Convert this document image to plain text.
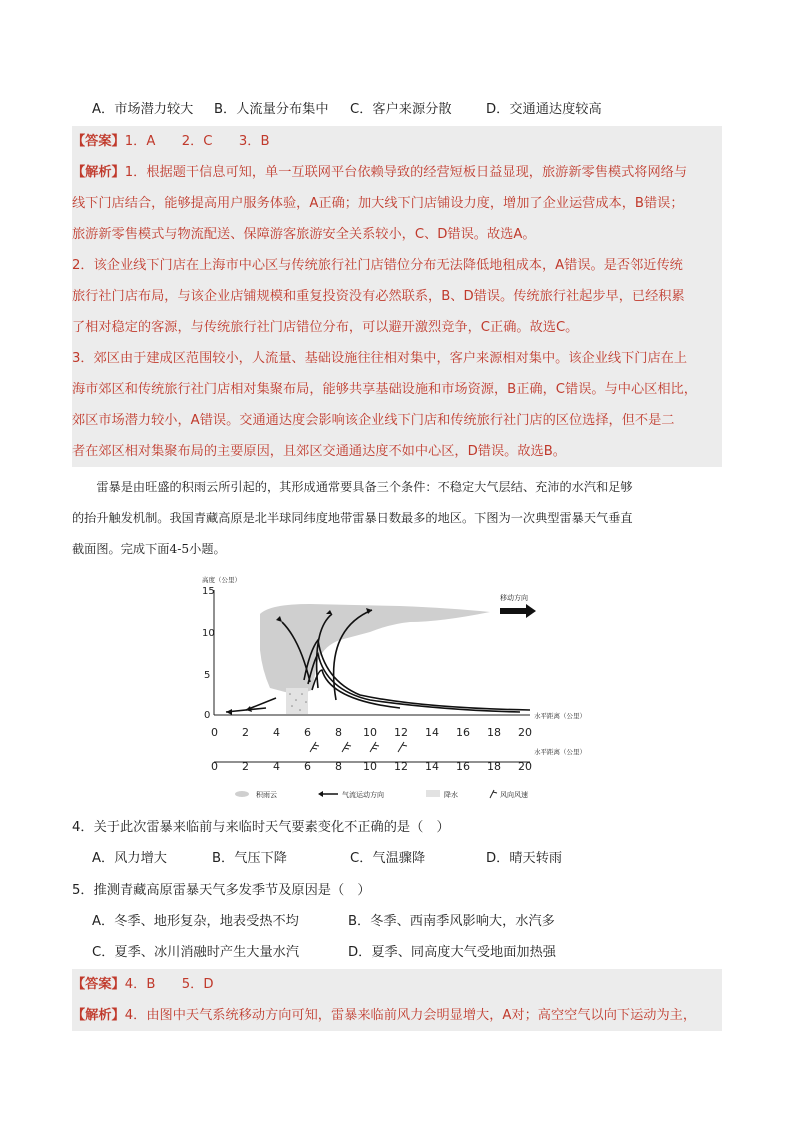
A．市场潜力较大 B．人流量分布集中 C．客户来源分散	D．交通通达度较高
【答案】1．A　　2．C　　3．B
【解析】1．根据题干信息可知，单一互联网平台依赖导致的经营短板日益显现，旅游新零售模式将网络与
线下门店结合，能够提高用户服务体验，A正确；加大线下门店铺设力度，增加了企业运营成本，B错误；
旅游新零售模式与物流配送、保障游客旅游安全关系较小，C、D错误。故选A。
2．该企业线下门店在上海市中心区与传统旅行社门店错位分布无法降低地租成本，A错误。是否邻近传统
旅行社门店布局，与该企业店铺规模和重复投资没有必然联系，B、D错误。传统旅行社起步早，已经积累
了相对稳定的客源，与传统旅行社门店错位分布，可以避开激烈竞争，C正确。故选C。
3．郊区由于建成区范围较小，人流量、基础设施往往相对集中，客户来源相对集中。该企业线下门店在上
海市郊区和传统旅行社门店相对集聚布局，能够共享基础设施和市场资源，B正确，C错误。与中心区相比，
郊区市场潜力较小，A错误。交通通达度会影响该企业线下门店和传统旅行社门店的区位选择，但不是二
者在郊区相对集聚布局的主要原因，且郊区交通通达度不如中心区，D错误。故选B。
　　雷暴是由旺盛的积雨云所引起的，其形成通常要具备三个条件：不稳定大气层结、充沛的水汽和足够
的抬升触发机制。我国青藏高原是北半球同纬度地带雷暴日数最多的地区。下图为一次典型雷暴天气垂直
截面图。完成下面4-5小题。
移动方向
高度（公里）
15
10
5
0
0 2 4 6 8 10 12 14 16 18 20
水平距离（公里）
0 2 4 6 8 10 12 14 16 18 20
水平距离（公里）
积雨云	气流运动方向	降水	风向风速
4．关于此次雷暴来临前与来临时天气要素变化不正确的是（　）
A．风力增大	B．气压下降	C．气温骤降	D．晴天转雨
5．推测青藏高原雷暴天气多发季节及原因是（　）
A．冬季、地形复杂，地表受热不均	B．冬季、西南季风影响大，水汽多
C．夏季、冰川消融时产生大量水汽	D．夏季、同高度大气受地面加热强
【答案】4．B　　5．D
【解析】4．由图中天气系统移动方向可知，雷暴来临前风力会明显增大，A对；高空空气以向下运动为主，
